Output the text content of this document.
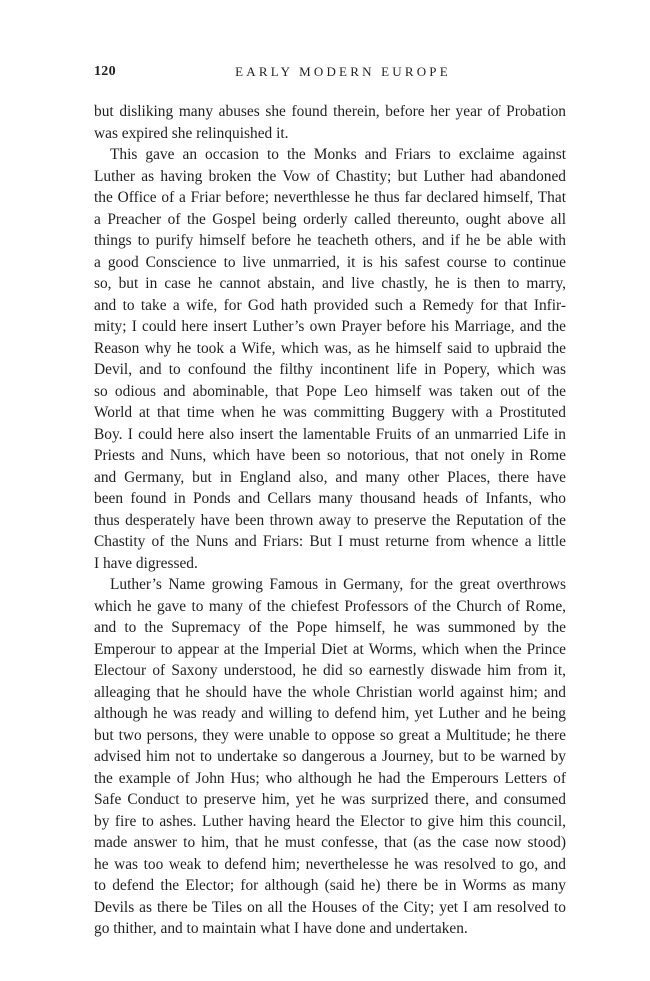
120	EARLY MODERN EUROPE
but disliking many abuses she found therein, before her year of Probation
was expired she relinquished it.
This gave an occasion to the Monks and Friars to exclaime against
Luther as having broken the Vow of Chastity; but Luther had abandoned
the Office of a Friar before; neverthlesse he thus far declared himself, That
a Preacher of the Gospel being orderly called thereunto, ought above all
things to purify himself before he teacheth others, and if he be able with
a good Conscience to live unmarried, it is his safest course to continue
so, but in case he cannot abstain, and live chastly, he is then to marry,
and to take a wife, for God hath provided such a Remedy for that Infir-
mity; I could here insert Luther’s own Prayer before his Marriage, and the
Reason why he took a Wife, which was, as he himself said to upbraid the
Devil, and to confound the filthy incontinent life in Popery, which was
so odious and abominable, that Pope Leo himself was taken out of the
World at that time when he was committing Buggery with a Prostituted
Boy. I could here also insert the lamentable Fruits of an unmarried Life in
Priests and Nuns, which have been so notorious, that not onely in Rome
and Germany, but in England also, and many other Places, there have
been found in Ponds and Cellars many thousand heads of Infants, who
thus desperately have been thrown away to preserve the Reputation of the
Chastity of the Nuns and Friars: But I must returne from whence a little
I have digressed.
Luther’s Name growing Famous in Germany, for the great overthrows
which he gave to many of the chiefest Professors of the Church of Rome,
and to the Supremacy of the Pope himself, he was summoned by the
Emperour to appear at the Imperial Diet at Worms, which when the Prince
Electour of Saxony understood, he did so earnestly diswade him from it,
alleaging that he should have the whole Christian world against him; and
although he was ready and willing to defend him, yet Luther and he being
but two persons, they were unable to oppose so great a Multitude; he there
advised him not to undertake so dangerous a Journey, but to be warned by
the example of John Hus; who although he had the Emperours Letters of
Safe Conduct to preserve him, yet he was surprized there, and consumed
by fire to ashes. Luther having heard the Elector to give him this council,
made answer to him, that he must confesse, that (as the case now stood)
he was too weak to defend him; neverthelesse he was resolved to go, and
to defend the Elector; for although (said he) there be in Worms as many
Devils as there be Tiles on all the Houses of the City; yet I am resolved to
go thither, and to maintain what I have done and undertaken.
